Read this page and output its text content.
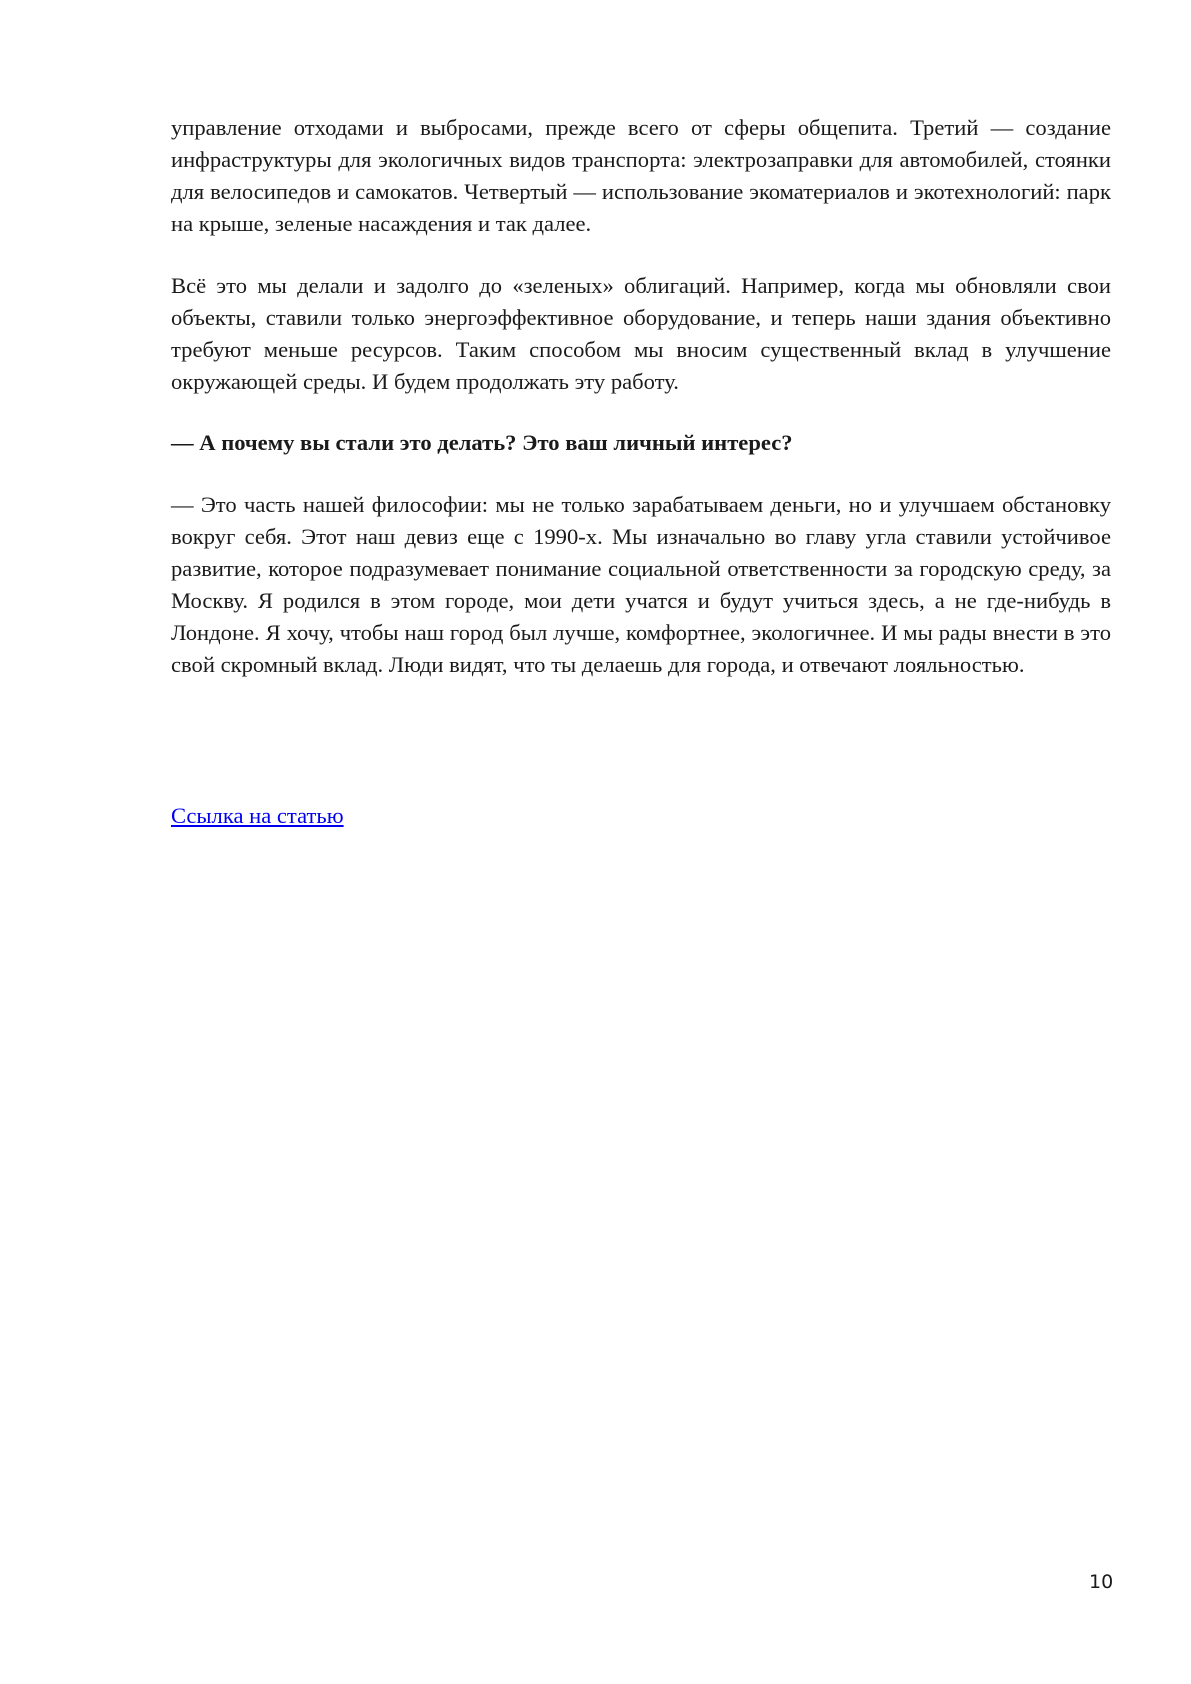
управление отходами и выбросами, прежде всего от сферы общепита. Третий — создание инфраструктуры для экологичных видов транспорта: электрозаправки для автомобилей, стоянки для велосипедов и самокатов. Четвертый — использование экоматериалов и экотехнологий: парк на крыше, зеленые насаждения и так далее.

Всё это мы делали и задолго до «зеленых» облигаций. Например, когда мы обновляли свои объекты, ставили только энергоэффективное оборудование, и теперь наши здания объективно требуют меньше ресурсов. Таким способом мы вносим существенный вклад в улучшение окружающей среды. И будем продолжать эту работу.

— А почему вы стали это делать? Это ваш личный интерес?

— Это часть нашей философии: мы не только зарабатываем деньги, но и улучшаем обстановку вокруг себя. Этот наш девиз еще с 1990-х. Мы изначально во главу угла ставили устойчивое развитие, которое подразумевает понимание социальной ответственности за городскую среду, за Москву. Я родился в этом городе, мои дети учатся и будут учиться здесь, а не где-нибудь в Лондоне. Я хочу, чтобы наш город был лучше, комфортнее, экологичнее. И мы рады внести в это свой скромный вклад. Люди видят, что ты делаешь для города, и отвечают лояльностью.

Ссылка на статью
10
